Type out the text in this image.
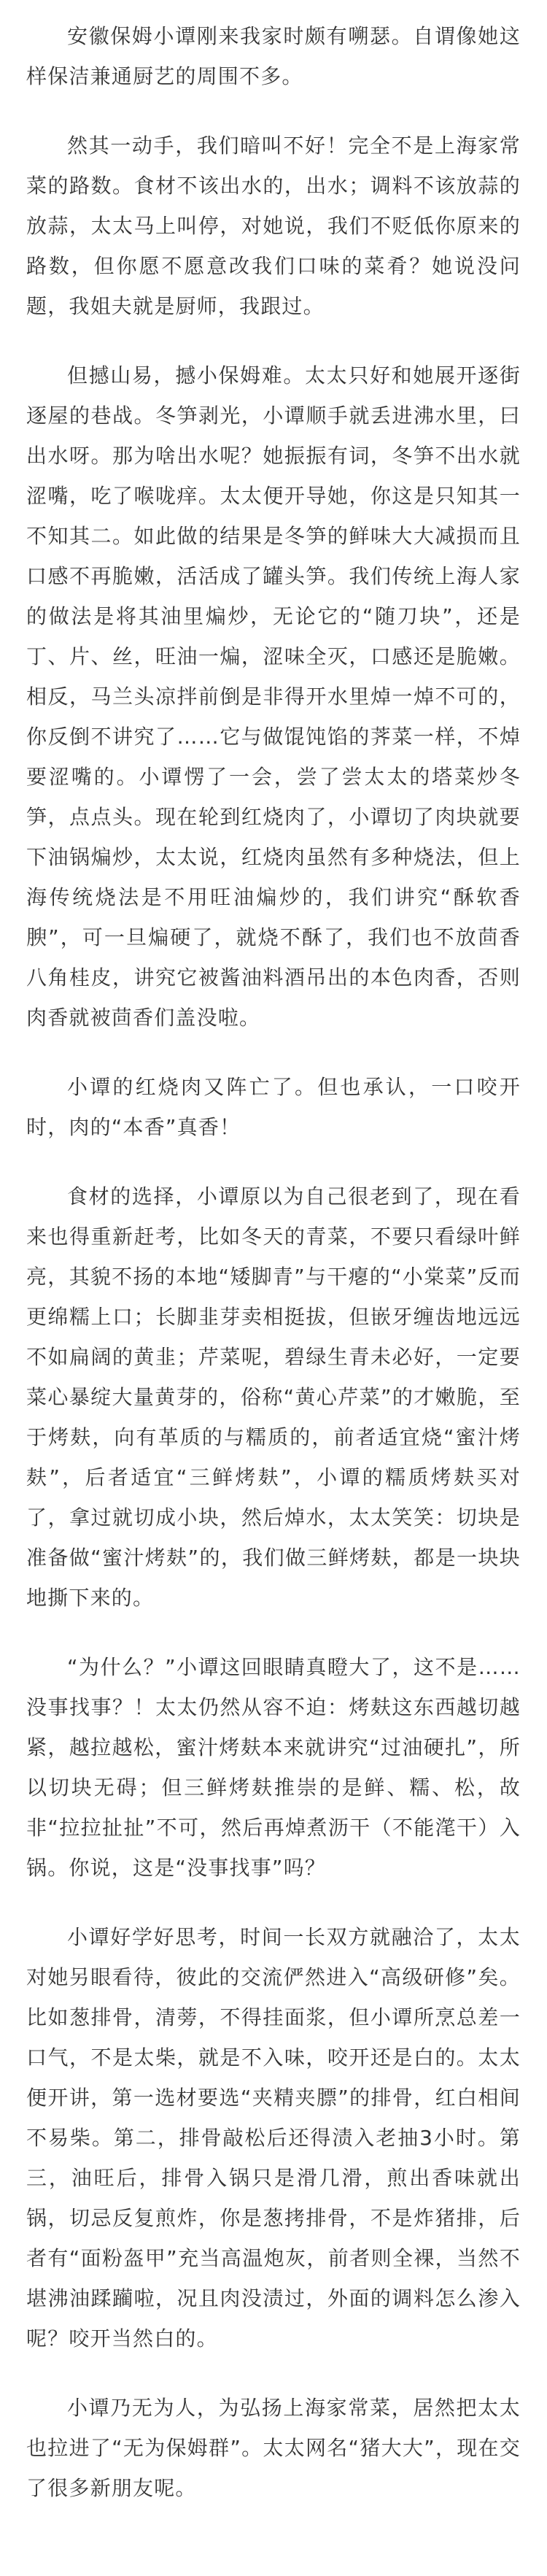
安徽保姆小谭刚来我家时颇有嗍瑟。自谓像她这样保洁兼通厨艺的周围不多。

然其一动手，我们暗叫不好！完全不是上海家常菜的路数。食材不该出水的，出水；调料不该放蒜的放蒜，太太马上叫停，对她说，我们不贬低你原来的路数，但你愿不愿意改我们口味的菜肴？她说没问题，我姐夫就是厨师，我跟过。

但撼山易，撼小保姆难。太太只好和她展开逐街逐屋的巷战。冬笋剥光，小谭顺手就丢进沸水里，曰出水呀。那为啥出水呢？她振振有词，冬笋不出水就涩嘴，吃了喉咙痒。太太便开导她，你这是只知其一不知其二。如此做的结果是冬笋的鲜味大大减损而且口感不再脆嫩，活活成了罐头笋。我们传统上海人家的做法是将其油里煸炒，无论它的“随刀块”，还是丁、片、丝，旺油一煸，涩味全灭，口感还是脆嫩。相反，马兰头凉拌前倒是非得开水里焯一焯不可的，你反倒不讲究了……它与做馄饨馅的荠菜一样，不焯要涩嘴的。小谭愣了一会，尝了尝太太的塔菜炒冬笋，点点头。现在轮到红烧肉了，小谭切了肉块就要下油锅煸炒，太太说，红烧肉虽然有多种烧法，但上海传统烧法是不用旺油煸炒的，我们讲究“酥软香腴”，可一旦煸硬了，就烧不酥了，我们也不放茴香八角桂皮，讲究它被酱油料酒吊出的本色肉香，否则肉香就被茴香们盖没啦。

小谭的红烧肉又阵亡了。但也承认，一口咬开时，肉的“本香”真香！

食材的选择，小谭原以为自己很老到了，现在看来也得重新赶考，比如冬天的青菜，不要只看绿叶鲜亮，其貌不扬的本地“矮脚青”与干瘪的“小棠菜”反而更绵糯上口；长脚韭芽卖相挺拔，但嵌牙缠齿地远远不如扁阔的黄韭；芹菜呢，碧绿生青未必好，一定要菜心暴绽大量黄芽的，俗称“黄心芹菜”的才嫩脆，至于烤麸，向有革质的与糯质的，前者适宜烧“蜜汁烤麸”，后者适宜“三鲜烤麸”，小谭的糯质烤麸买对了，拿过就切成小块，然后焯水，太太笑笑：切块是准备做“蜜汁烤麸”的，我们做三鲜烤麸，都是一块块地撕下来的。

“为什么？”小谭这回眼睛真瞪大了，这不是……没事找事？！太太仍然从容不迫：烤麸这东西越切越紧，越拉越松，蜜汁烤麸本来就讲究“过油硬扎”，所以切块无碍；但三鲜烤麸推崇的是鲜、糯、松，故非“拉拉扯扯”不可，然后再焯煮沥干（不能滗干）入锅。你说，这是“没事找事”吗？

小谭好学好思考，时间一长双方就融洽了，太太对她另眼看待，彼此的交流俨然进入“高级研修”矣。比如葱排骨，清蒡，不得挂面浆，但小谭所烹总差一口气，不是太柴，就是不入味，咬开还是白的。太太便开讲，第一选材要选“夹精夹膘”的排骨，红白相间不易柴。第二，排骨敲松后还得渍入老抽3小时。第三，油旺后，排骨入锅只是滑几滑，煎出香味就出锅，切忌反复煎炸，你是葱拷排骨，不是炸猪排，后者有“面粉盔甲”充当高温炮灰，前者则全裸，当然不堪沸油蹂躏啦，况且肉没渍过，外面的调料怎么渗入呢？咬开当然白的。

小谭乃无为人，为弘扬上海家常菜，居然把太太也拉进了“无为保姆群”。太太网名“猪大大”，现在交了很多新朋友呢。
